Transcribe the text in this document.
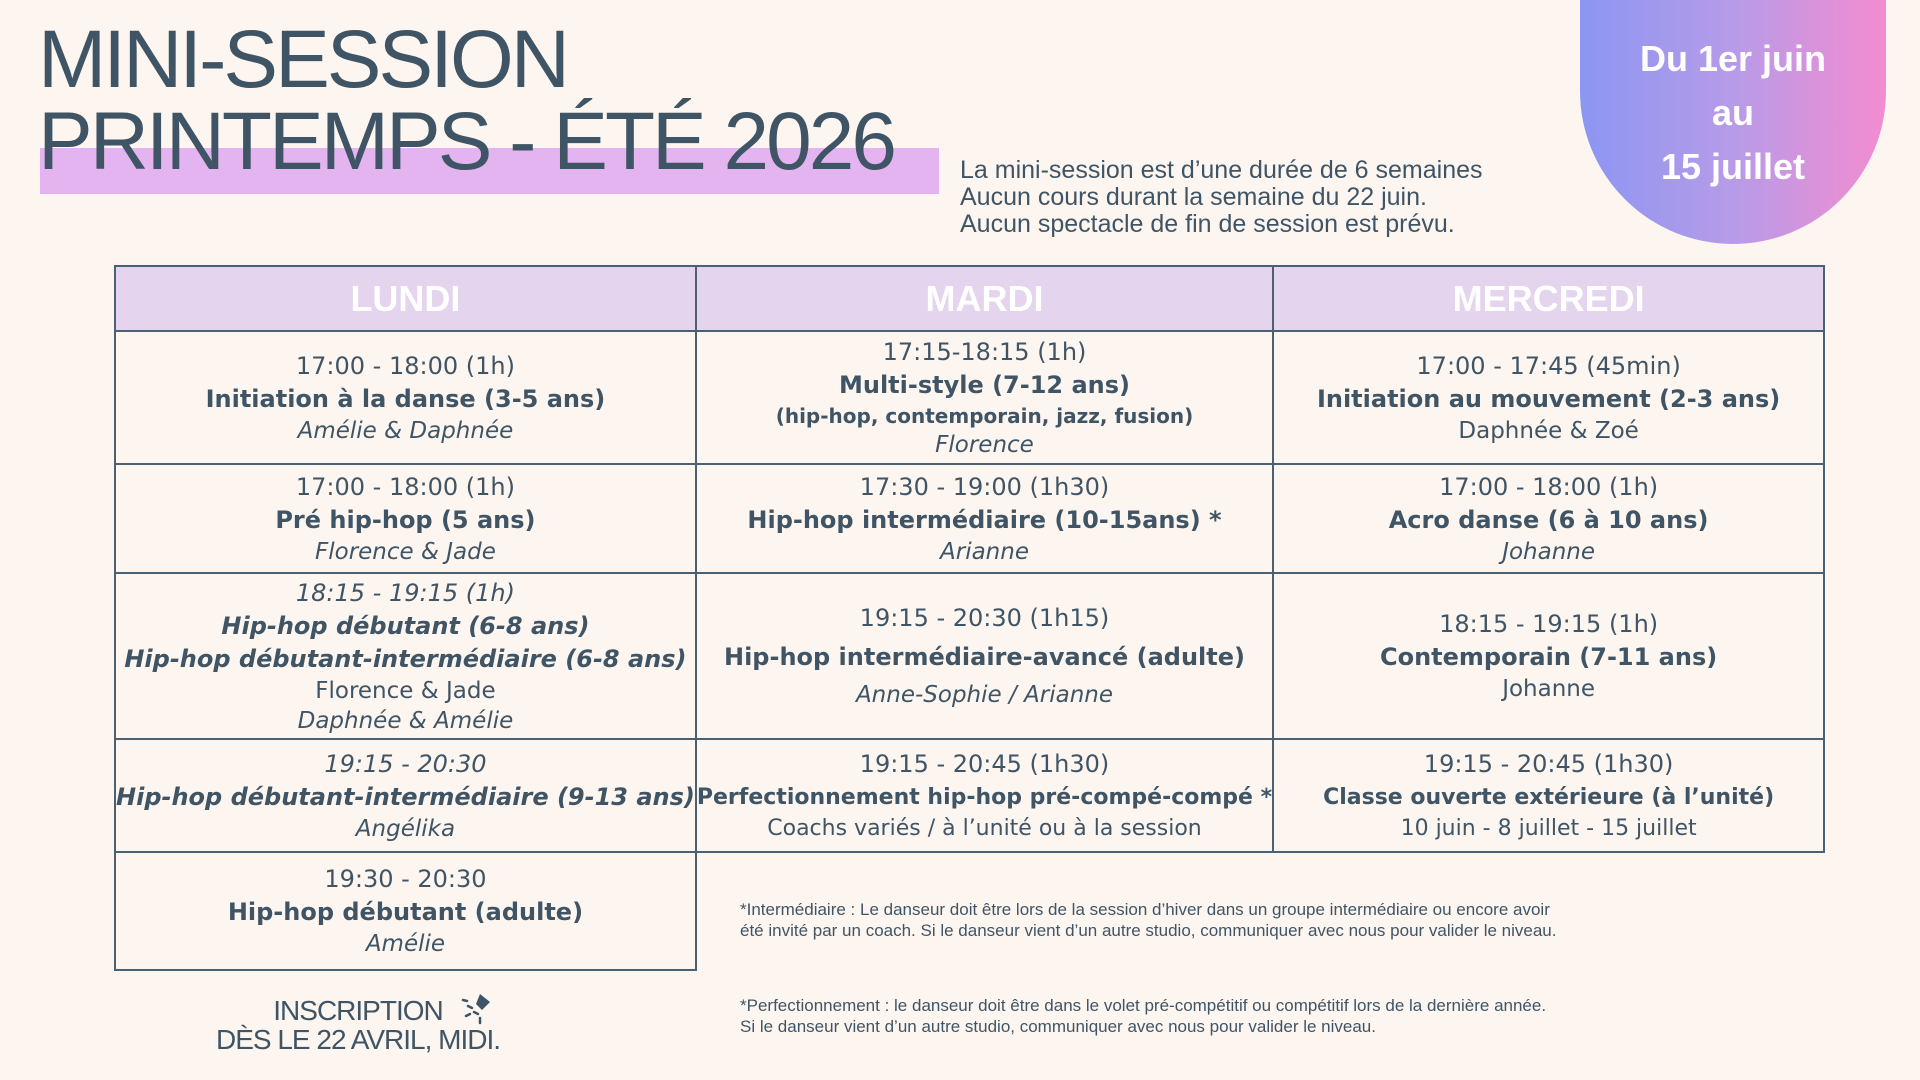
MINI-SESSION
PRINTEMPS - ÉTÉ 2026	La mini-session est d’une durée de 6 semaines
Aucun cours durant la semaine du 22 juin.
Aucun spectacle de fin de session est prévu.
Du 1er juin
au
15 juillet
LUNDI	MARDI	MERCREDI

17:00 - 18:00 (1h)
Initiation à la danse (3-5 ans)
Amélie & Daphnée	17:15-18:15 (1h)
Multi-style (7-12 ans)
(hip-hop, contemporain, jazz, fusion)
Florence	17:00 - 17:45 (45min)
Initiation au mouvement (2-3 ans)
Daphnée & Zoé

17:00 - 18:00 (1h)
Pré hip-hop (5 ans)
Florence & Jade	17:30 - 19:00 (1h30)
Hip-hop intermédiaire (10-15ans) *
Arianne	17:00 - 18:00 (1h)
Acro danse (6 à 10 ans)
Johanne

18:15 - 19:15 (1h)
Hip-hop débutant (6-8 ans)
Hip-hop débutant-intermédiaire (6-8 ans)
Florence & Jade
Daphnée & Amélie	19:15 - 20:30 (1h15)
Hip-hop intermédiaire-avancé (adulte)
Anne-Sophie / Arianne	18:15 - 19:15 (1h)
Contemporain (7-11 ans)
Johanne

19:15 - 20:30
Hip-hop débutant-intermédiaire (9-13 ans)
Angélika	19:15 - 20:45 (1h30)
Perfectionnement hip-hop pré-compé-compé *
Coachs variés / à l’unité ou à la session	19:15 - 20:45 (1h30)
Classe ouverte extérieure (à l’unité)
10 juin - 8 juillet - 15 juillet

19:30 - 20:30
Hip-hop débutant (adulte)
Amélie		

*Intermédiaire : Le danseur doit être lors de la session d’hiver dans un groupe intermédiaire ou encore avoir
été invité par un coach. Si le danseur vient d’un autre studio, communiquer avec nous pour valider le niveau.

*Perfectionnement : le danseur doit être dans le volet pré-compétitif ou compétitif lors de la dernière année.
Si le danseur vient d’un autre studio, communiquer avec nous pour valider le niveau.

INSCRIPTION
DÈS LE 22 AVRIL, MIDI.
